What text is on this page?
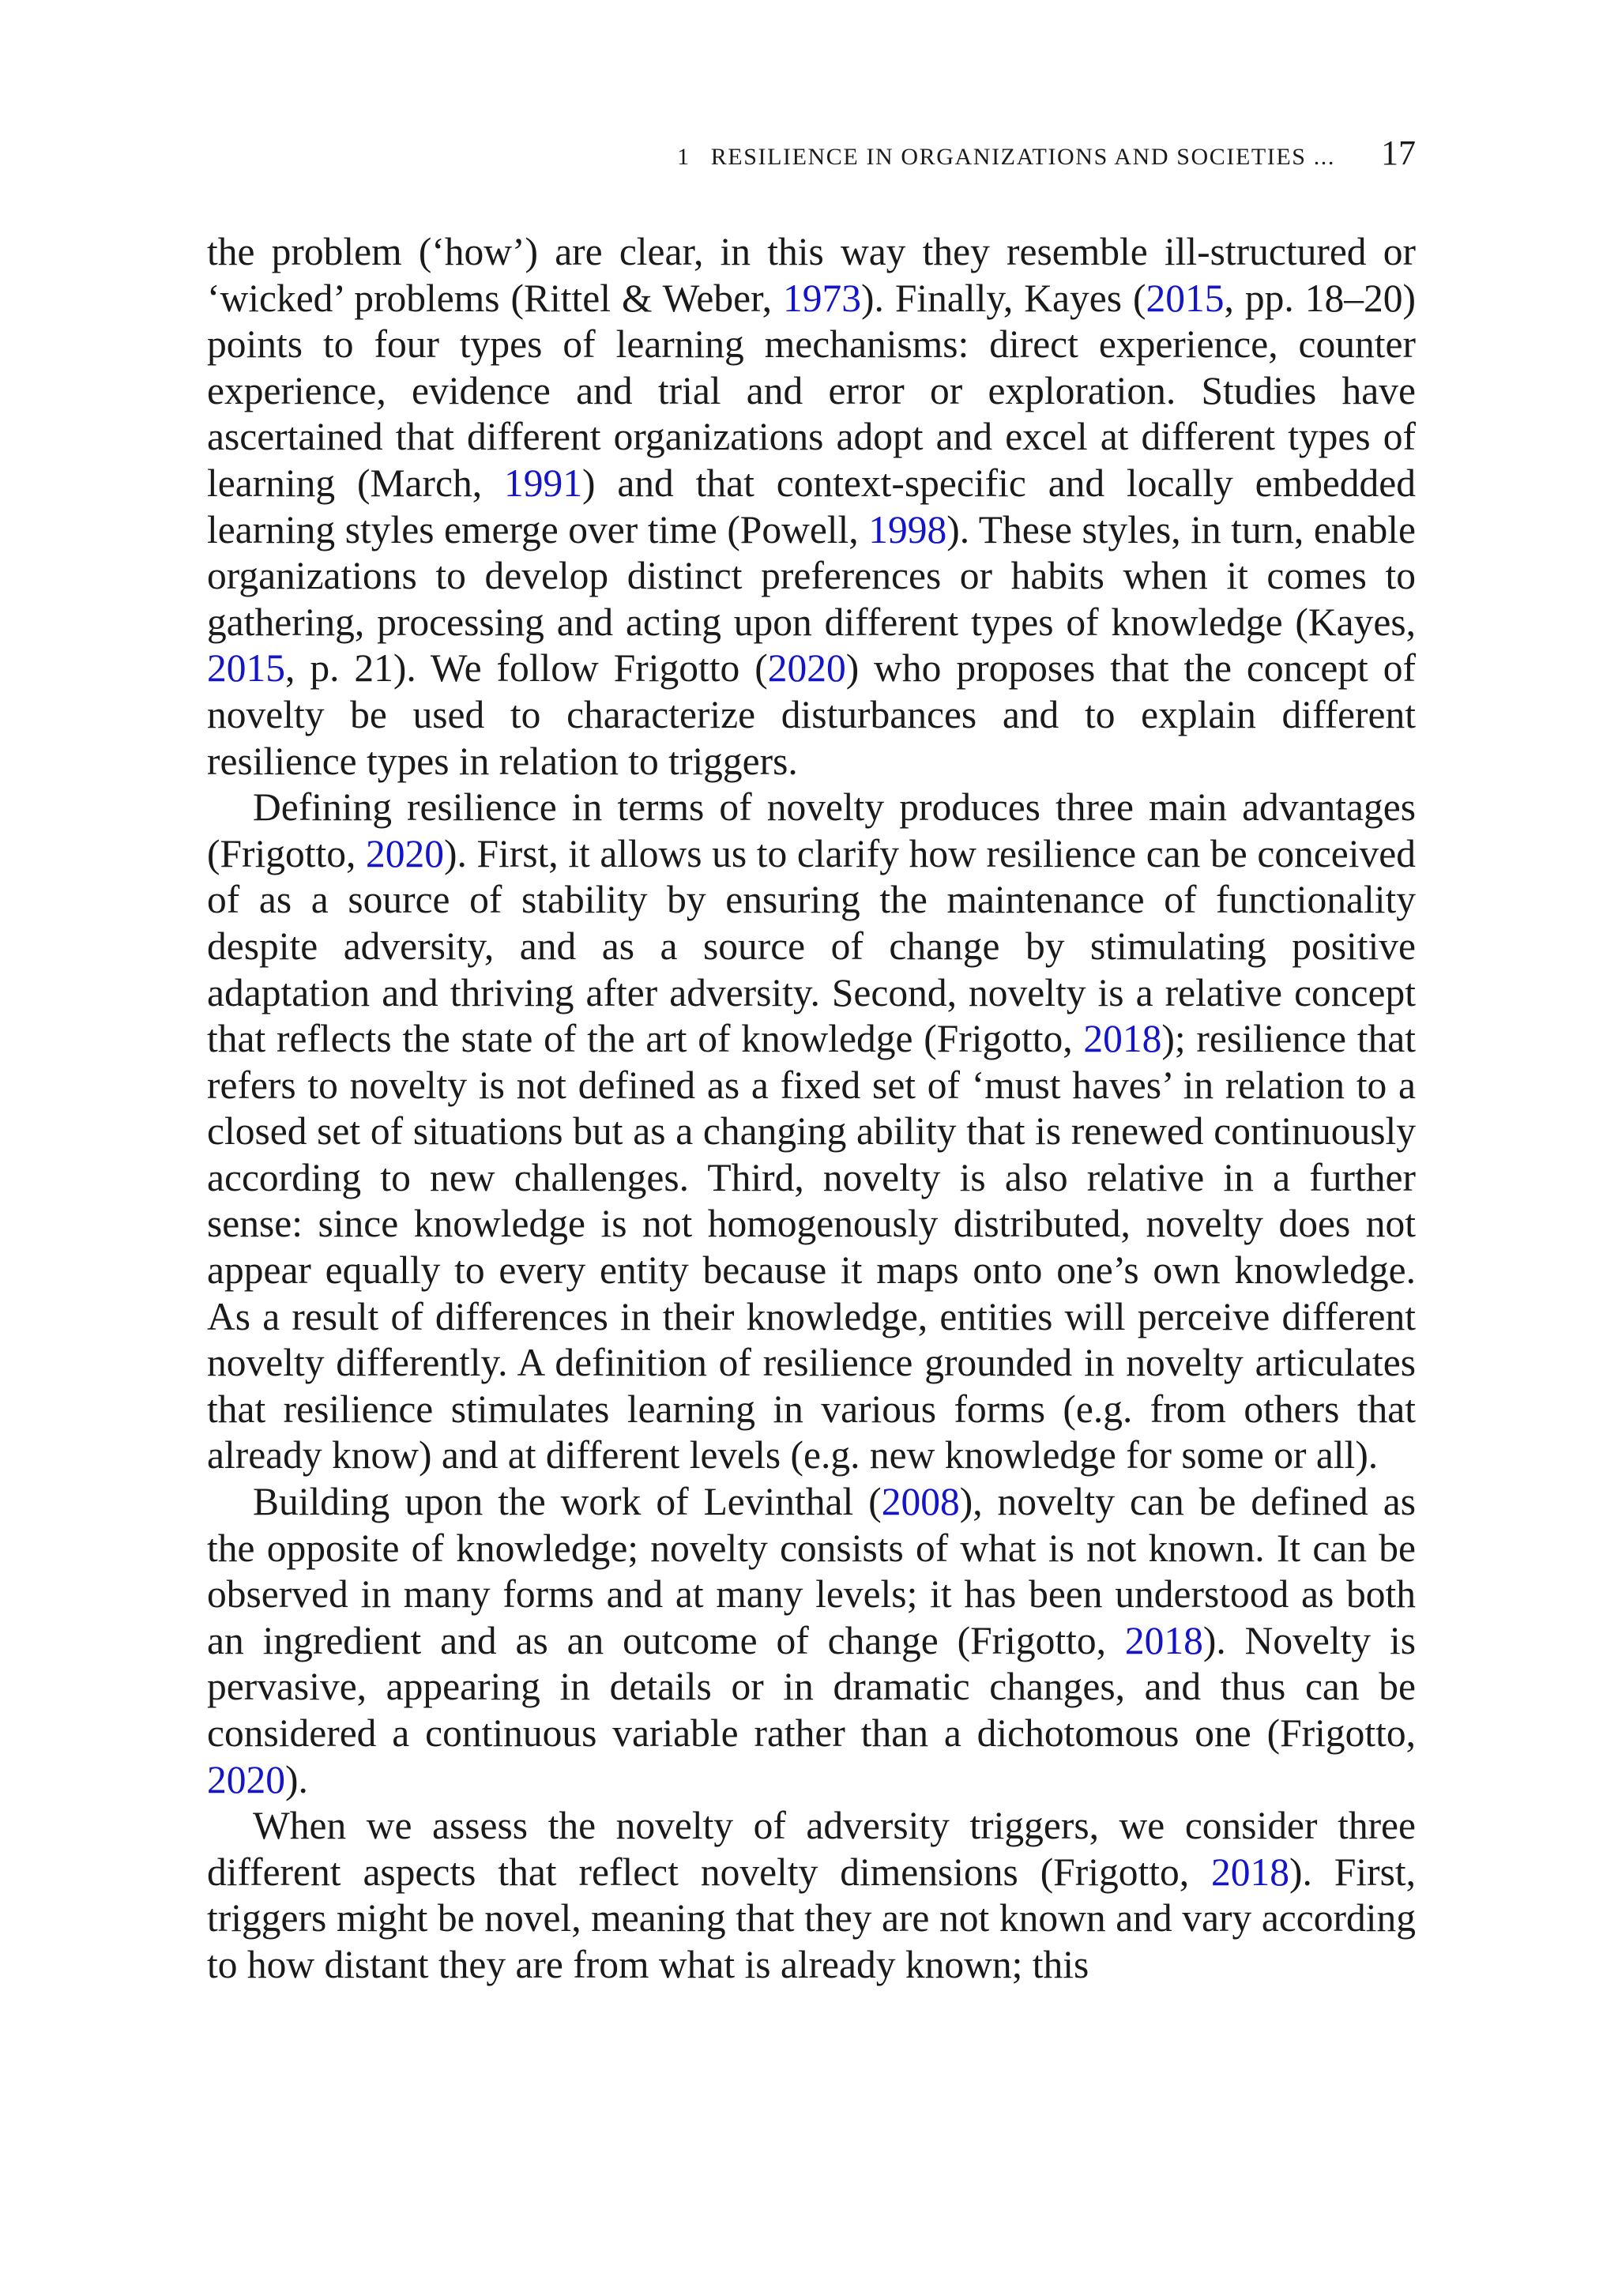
1 RESILIENCE IN ORGANIZATIONS AND SOCIETIES ... 17

the problem (‘how’) are clear, in this way they resemble ill-structured or ‘wicked’ problems (Rittel & Weber, 1973). Finally, Kayes (2015, pp. 18–20) points to four types of learning mechanisms: direct experience, counter experience, evidence and trial and error or exploration. Studies have ascertained that different organizations adopt and excel at different types of learning (March, 1991) and that context-specific and locally embedded learning styles emerge over time (Powell, 1998). These styles, in turn, enable organizations to develop distinct preferences or habits when it comes to gathering, processing and acting upon different types of knowledge (Kayes, 2015, p. 21). We follow Frigotto (2020) who proposes that the concept of novelty be used to characterize disturbances and to explain different resilience types in relation to triggers.

Defining resilience in terms of novelty produces three main advantages (Frigotto, 2020). First, it allows us to clarify how resilience can be conceived of as a source of stability by ensuring the maintenance of functionality despite adversity, and as a source of change by stimulating positive adaptation and thriving after adversity. Second, novelty is a relative concept that reflects the state of the art of knowledge (Frigotto, 2018); resilience that refers to novelty is not defined as a fixed set of ‘must haves’ in relation to a closed set of situations but as a changing ability that is renewed continuously according to new challenges. Third, novelty is also relative in a further sense: since knowledge is not homogenously distributed, novelty does not appear equally to every entity because it maps onto one’s own knowledge. As a result of differences in their knowledge, entities will perceive different novelty differently. A definition of resilience grounded in novelty articulates that resilience stimulates learning in various forms (e.g. from others that already know) and at different levels (e.g. new knowledge for some or all).

Building upon the work of Levinthal (2008), novelty can be defined as the opposite of knowledge; novelty consists of what is not known. It can be observed in many forms and at many levels; it has been understood as both an ingredient and as an outcome of change (Frigotto, 2018). Novelty is pervasive, appearing in details or in dramatic changes, and thus can be considered a continuous variable rather than a dichotomous one (Frigotto, 2020).

When we assess the novelty of adversity triggers, we consider three different aspects that reflect novelty dimensions (Frigotto, 2018). First, triggers might be novel, meaning that they are not known and vary according to how distant they are from what is already known; this
